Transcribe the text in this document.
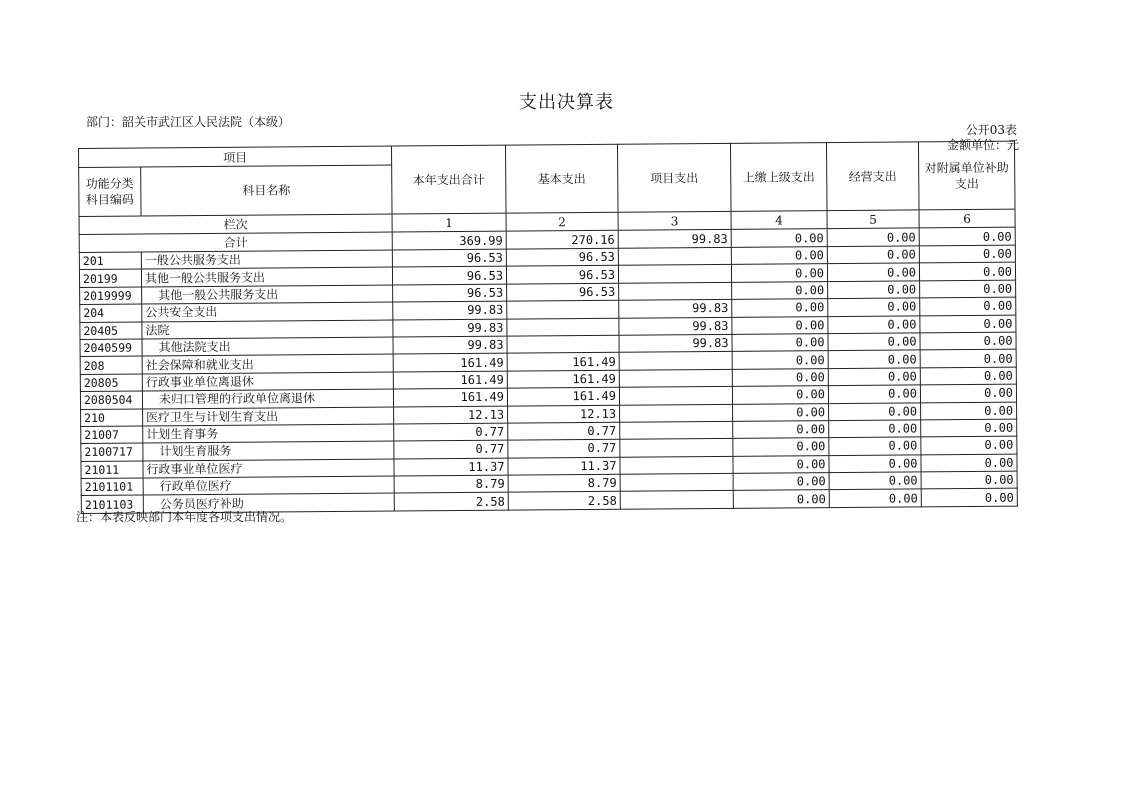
支出决算表
部门：韶关市武江区人民法院（本级）
公开03表
金额单位：元
项目		本年支出合计	基本支出	项目支出	上缴上级支出	经营支出	对附属单位补助支出
功能分类
科目编码	科目名称						
栏次		1	2	3	4	5	6
合计		369.99	270.16	99.83	0.00	0.00	0.00
201	一般公共服务支出	96.53	96.53		0.00	0.00	0.00
20199	其他一般公共服务支出	96.53	96.53		0.00	0.00	0.00
2019999	其他一般公共服务支出	96.53	96.53		0.00	0.00	0.00
204	公共安全支出	99.83		99.83	0.00	0.00	0.00
20405	法院	99.83		99.83	0.00	0.00	0.00
2040599	其他法院支出	99.83		99.83	0.00	0.00	0.00
208	社会保障和就业支出	161.49	161.49		0.00	0.00	0.00
20805	行政事业单位离退休	161.49	161.49		0.00	0.00	0.00
2080504	未归口管理的行政单位离退休	161.49	161.49		0.00	0.00	0.00
210	医疗卫生与计划生育支出	12.13	12.13		0.00	0.00	0.00
21007	计划生育事务	0.77	0.77		0.00	0.00	0.00
2100717	计划生育服务	0.77	0.77		0.00	0.00	0.00
21011	行政事业单位医疗	11.37	11.37		0.00	0.00	0.00
2101101	行政单位医疗	8.79	8.79		0.00	0.00	0.00
2101103	公务员医疗补助	2.58	2.58		0.00	0.00	0.00
注：本表反映部门本年度各项支出情况。
